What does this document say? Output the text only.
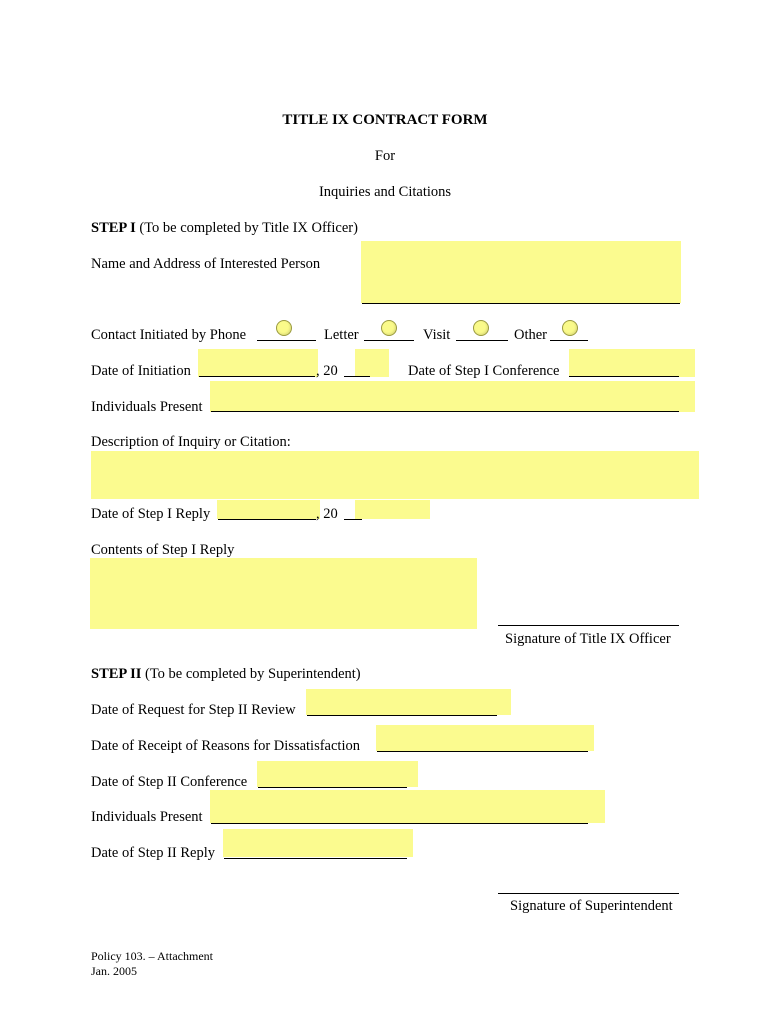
TITLE IX CONTRACT FORM
For
Inquiries and Citations
STEP I (To be completed by Title IX Officer)
Name and Address of Interested Person
Contact Initiated by Phone	Letter	Visit	Other
Date of Initiation	, 20	Date of Step I Conference
Individuals Present
Description of Inquiry or Citation:
Date of Step I Reply	, 20
Contents of Step I Reply
Signature of Title IX Officer
STEP II (To be completed by Superintendent)
Date of Request for Step II Review
Date of Receipt of Reasons for Dissatisfaction
Date of Step II Conference
Individuals Present
Date of Step II Reply
Signature of Superintendent
Policy 103. – Attachment
Jan. 2005
